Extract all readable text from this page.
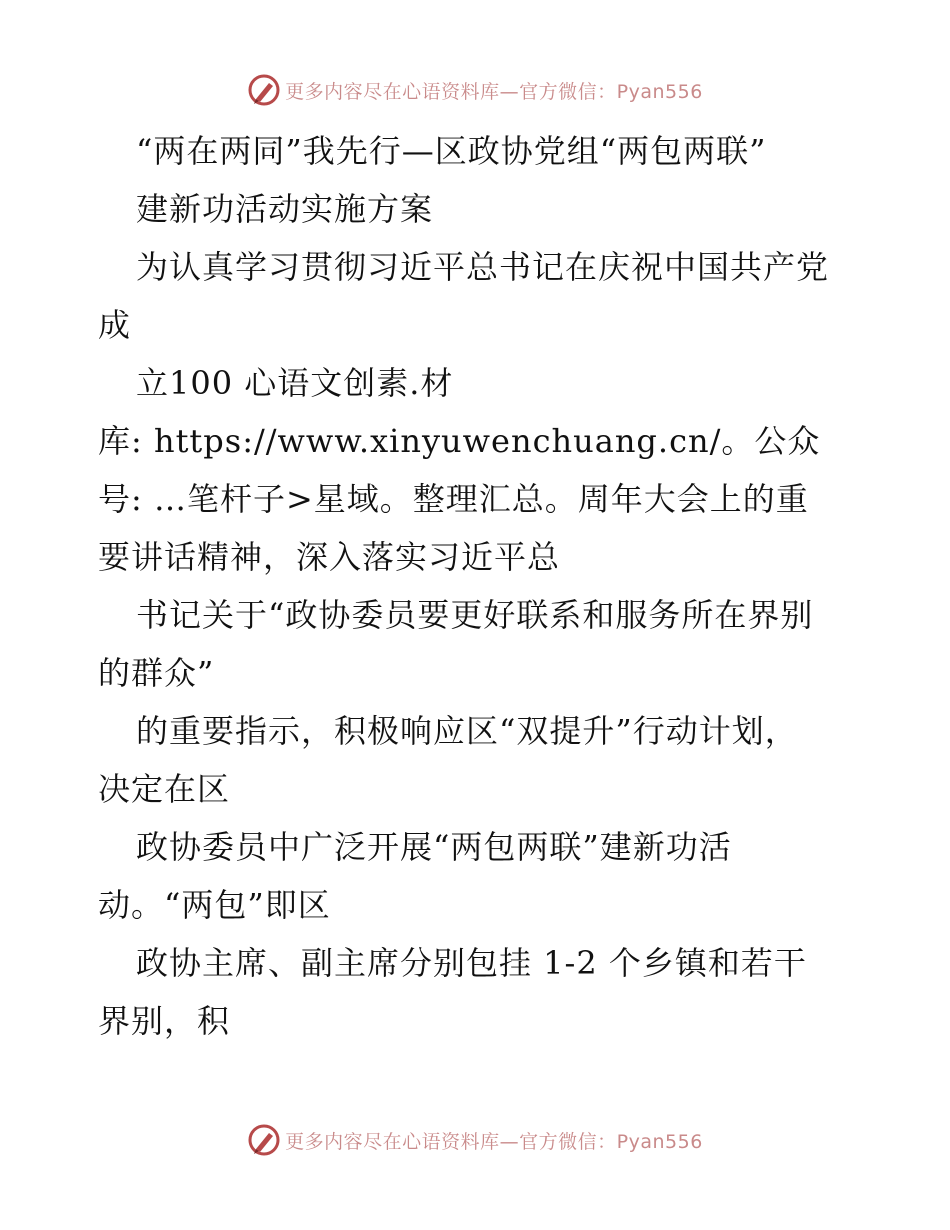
更多内容尽在心语资料库—官方微信：Pyan556
“两在两同”我先行—区政协党组“两包两联”
建新功活动实施方案
为认真学习贯彻习近平总书记在庆祝中国共产党
成
立100 心语文创素.材
库: https://www.xinyuwenchuang.cn/。公众
号: …笔杆子>星域。整理汇总。周年大会上的重
要讲话精神，深入落实习近平总
书记关于“政协委员要更好联系和服务所在界别
的群众”
的重要指示，积极响应区“双提升”行动计划，
决定在区
政协委员中广泛开展“两包两联”建新功活
动。“两包”即区
政协主席、副主席分别包挂 1-2 个乡镇和若干
界别，积
更多内容尽在心语资料库—官方微信：Pyan556
